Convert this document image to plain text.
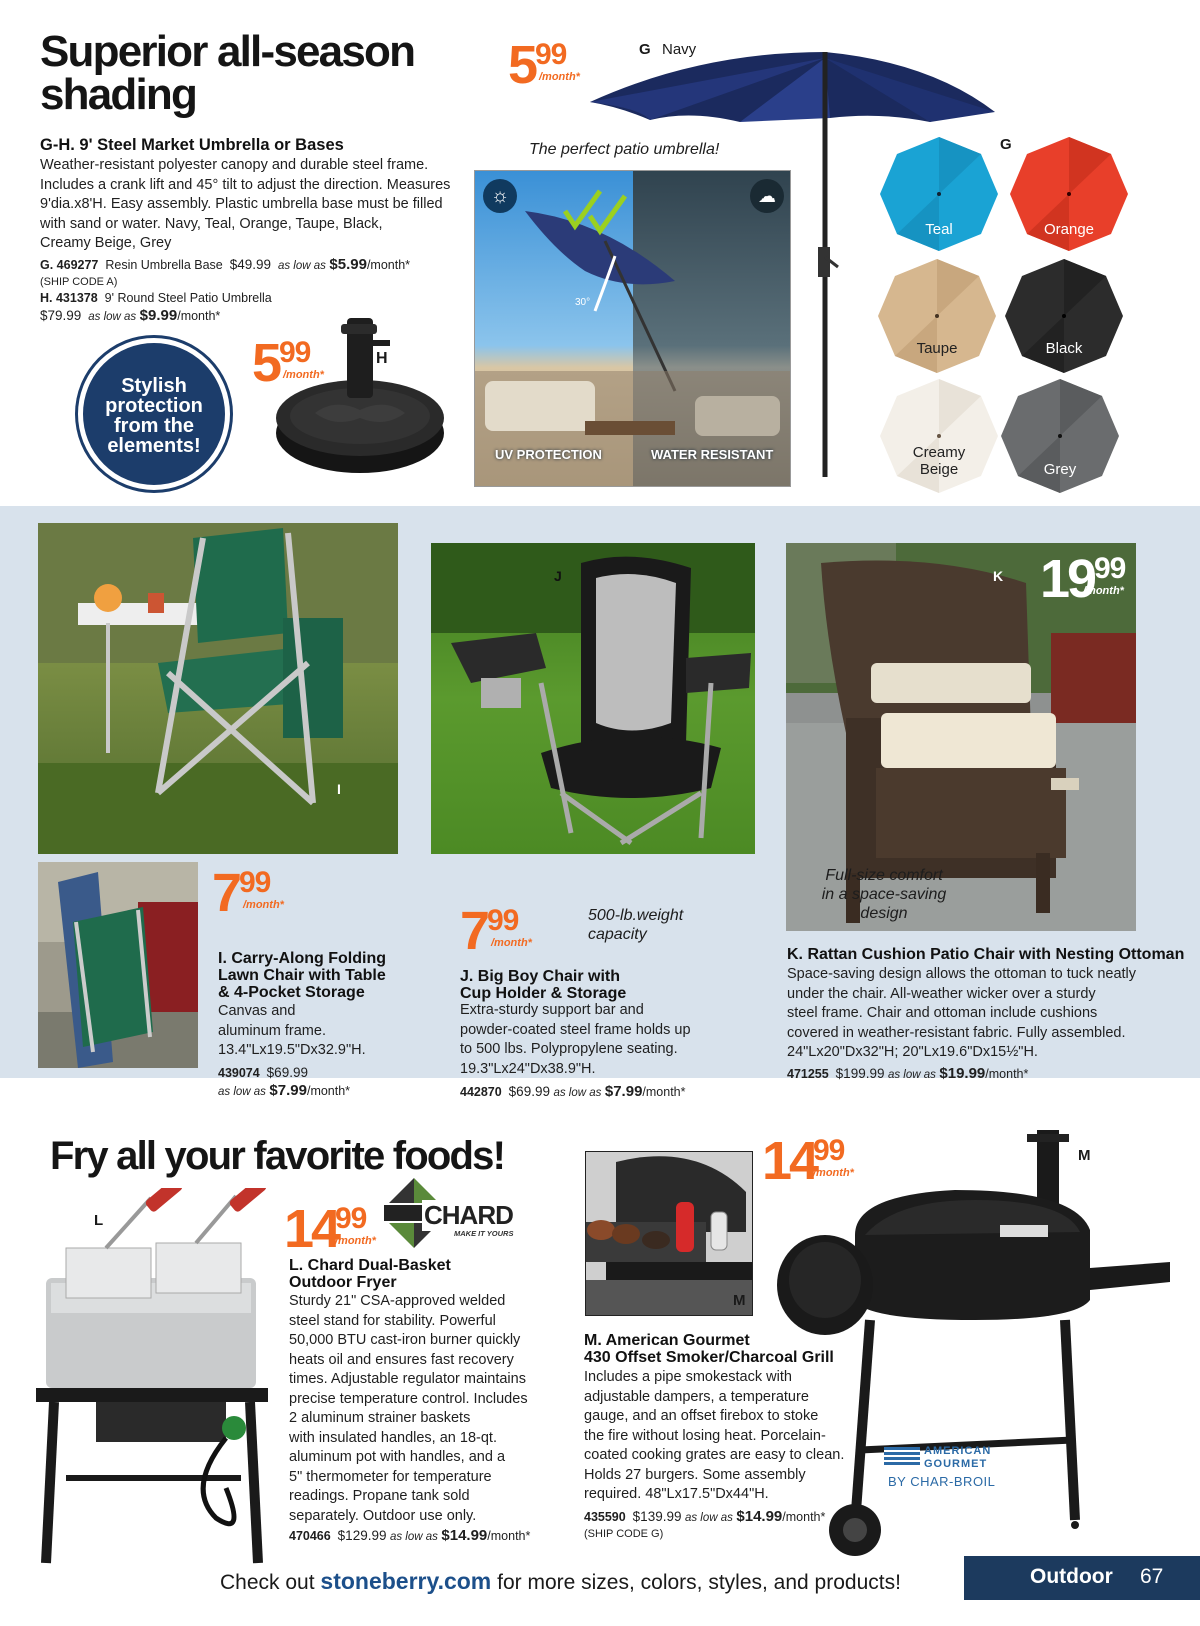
Superior all-season
shading
G-H. 9' Steel Market Umbrella or Bases
Weather-resistant polyester canopy and durable steel frame.
Includes a crank lift and 45° tilt to adjust the direction. Measures
9'dia.x8'H. Easy assembly. Plastic umbrella base must be filled
with sand or water. Navy, Teal, Orange, Taupe, Black,
Creamy Beige, Grey
G. 469277 Resin Umbrella Base $49.99 as low as $5.99/month*
(SHIP CODE A)
H. 431378 9' Round Steel Patio Umbrella
$79.99 as low as $9.99/month*
Stylish
protection
from the
elements!
5 99
/month*
H
5 99
/month*
G Navy
The perfect patio umbrella!
☼	☁
30°
UV PROTECTION	WATER RESISTANT
G
Teal	Orange
Taupe	Black
Creamy
Beige	Grey
I
7 99
/month*
I. Carry-Along Folding
Lawn Chair with Table
& 4-Pocket Storage
Canvas and
aluminum frame.
13.4"Lx19.5"Dx32.9"H.
439074 $69.99
as low as $7.99/month*
J
7 99
/month*
500-lb.weight
capacity
J. Big Boy Chair with
Cup Holder & Storage
Extra-sturdy support bar and
powder-coated steel frame holds up
to 500 lbs. Polypropylene seating.
19.3"Lx24"Dx38.9"H.
442870 $69.99 as low as $7.99/month*
K 19 99
/month*
Full-size comfort
in a space-saving
design
K. Rattan Cushion Patio Chair with Nesting Ottoman
Space-saving design allows the ottoman to tuck neatly
under the chair. All-weather wicker over a sturdy
steel frame. Chair and ottoman include cushions
covered in weather-resistant fabric. Fully assembled.
24"Lx20"Dx32"H; 20"Lx19.6"Dx15½"H.
471255 $199.99 as low as $19.99/month*
Fry all your favorite foods!
L	14
99
/month*
CHARD
MAKE IT YOURS
L. Chard Dual-Basket
Outdoor Fryer
Sturdy 21" CSA-approved welded
steel stand for stability. Powerful
50,000 BTU cast-iron burner quickly
heats oil and ensures fast recovery
times. Adjustable regulator maintains
precise temperature control. Includes
2 aluminum strainer baskets
with insulated handles, an 18-qt.
aluminum pot with handles, and a
5" thermometer for temperature
readings. Propane tank sold
separately. Outdoor use only.
470466 $129.99 as low as $14.99/month*
M
14
99
/month*
M
AMERICAN
GOURMET
BY CHAR-BROIL
M. American Gourmet
430 Offset Smoker/Charcoal Grill
Includes a pipe smokestack with
adjustable dampers, a temperature
gauge, and an offset firebox to stoke
the fire without losing heat. Porcelain-
coated cooking grates are easy to clean.
Holds 27 burgers. Some assembly
required. 48"Lx17.5"Dx44"H.
435590 $139.99 as low as $14.99/month*
(SHIP CODE G)
Check out stoneberry.com for more sizes, colors, styles, and products!	Outdoor 67
